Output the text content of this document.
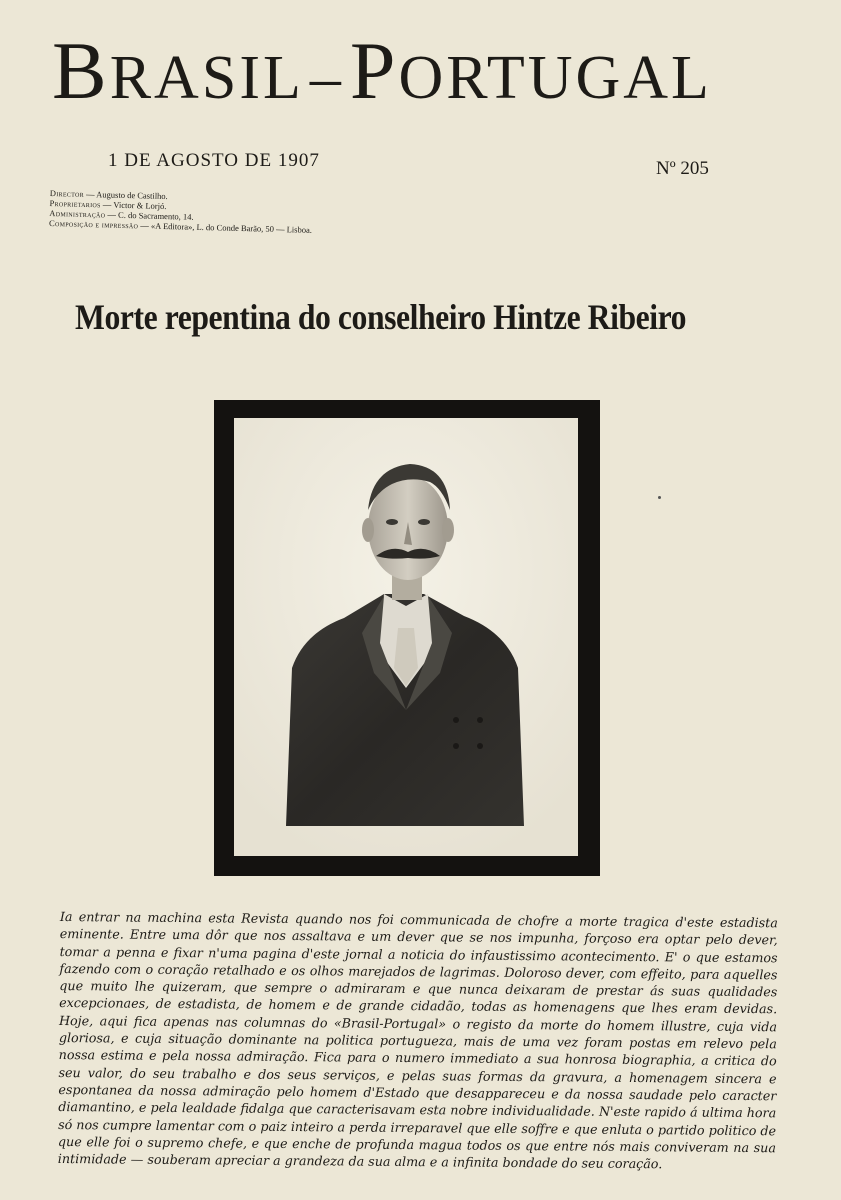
BRASIL–PORTUGAL
1 DE AGOSTO DE 1907	Nº 205
Director — Augusto de Castilho.
Proprietarios — Victor & Lorjó.
Administração — C. do Sacramento, 14.
Composição e impressão — «A Editora», L. do Conde Barão, 50 — Lisboa.
Morte repentina do conselheiro Hintze Ribeiro
Ia entrar na machina esta Revista quando nos foi communicada de chofre a morte tragica d'este estadista eminente. Entre uma dôr que nos assaltava e um dever que se nos impunha, forçoso era optar pelo dever, tomar a penna e fixar n'uma pagina d'este jornal a noticia do infaustissimo acontecimento. E' o que estamos fazendo com o coração retalhado e os olhos marejados de lagrimas. Doloroso dever, com effeito, para aquelles que muito lhe quizeram, que sempre o admiraram e que nunca deixaram de prestar ás suas qualidades excepcionaes, de estadista, de homem e de grande cidadão, todas as homenagens que lhes eram devidas. Hoje, aqui fica apenas nas columnas do «Brasil-Portugal» o registo da morte do homem illustre, cuja vida gloriosa, e cuja situação dominante na politica portugueza, mais de uma vez foram postas em relevo pela nossa estima e pela nossa admiração. Fica para o numero immediato a sua honrosa biographia, a critica do seu valor, do seu trabalho e dos seus serviços, e pelas suas formas da gravura, a homenagem sincera e espontanea da nossa admiração pelo homem d'Estado que desappareceu e da nossa saudade pelo caracter diamantino, e pela lealdade fidalga que caracterisavam esta nobre individualidade. N'este rapido á ultima hora só nos cumpre lamentar com o paiz inteiro a perda irreparavel que elle soffre e que enluta o partido politico de que elle foi o supremo chefe, e que enche de profunda magua todos os que entre nós mais conviveram na sua intimidade — souberam apreciar a grandeza da sua alma e a infinita bondade do seu coração.
